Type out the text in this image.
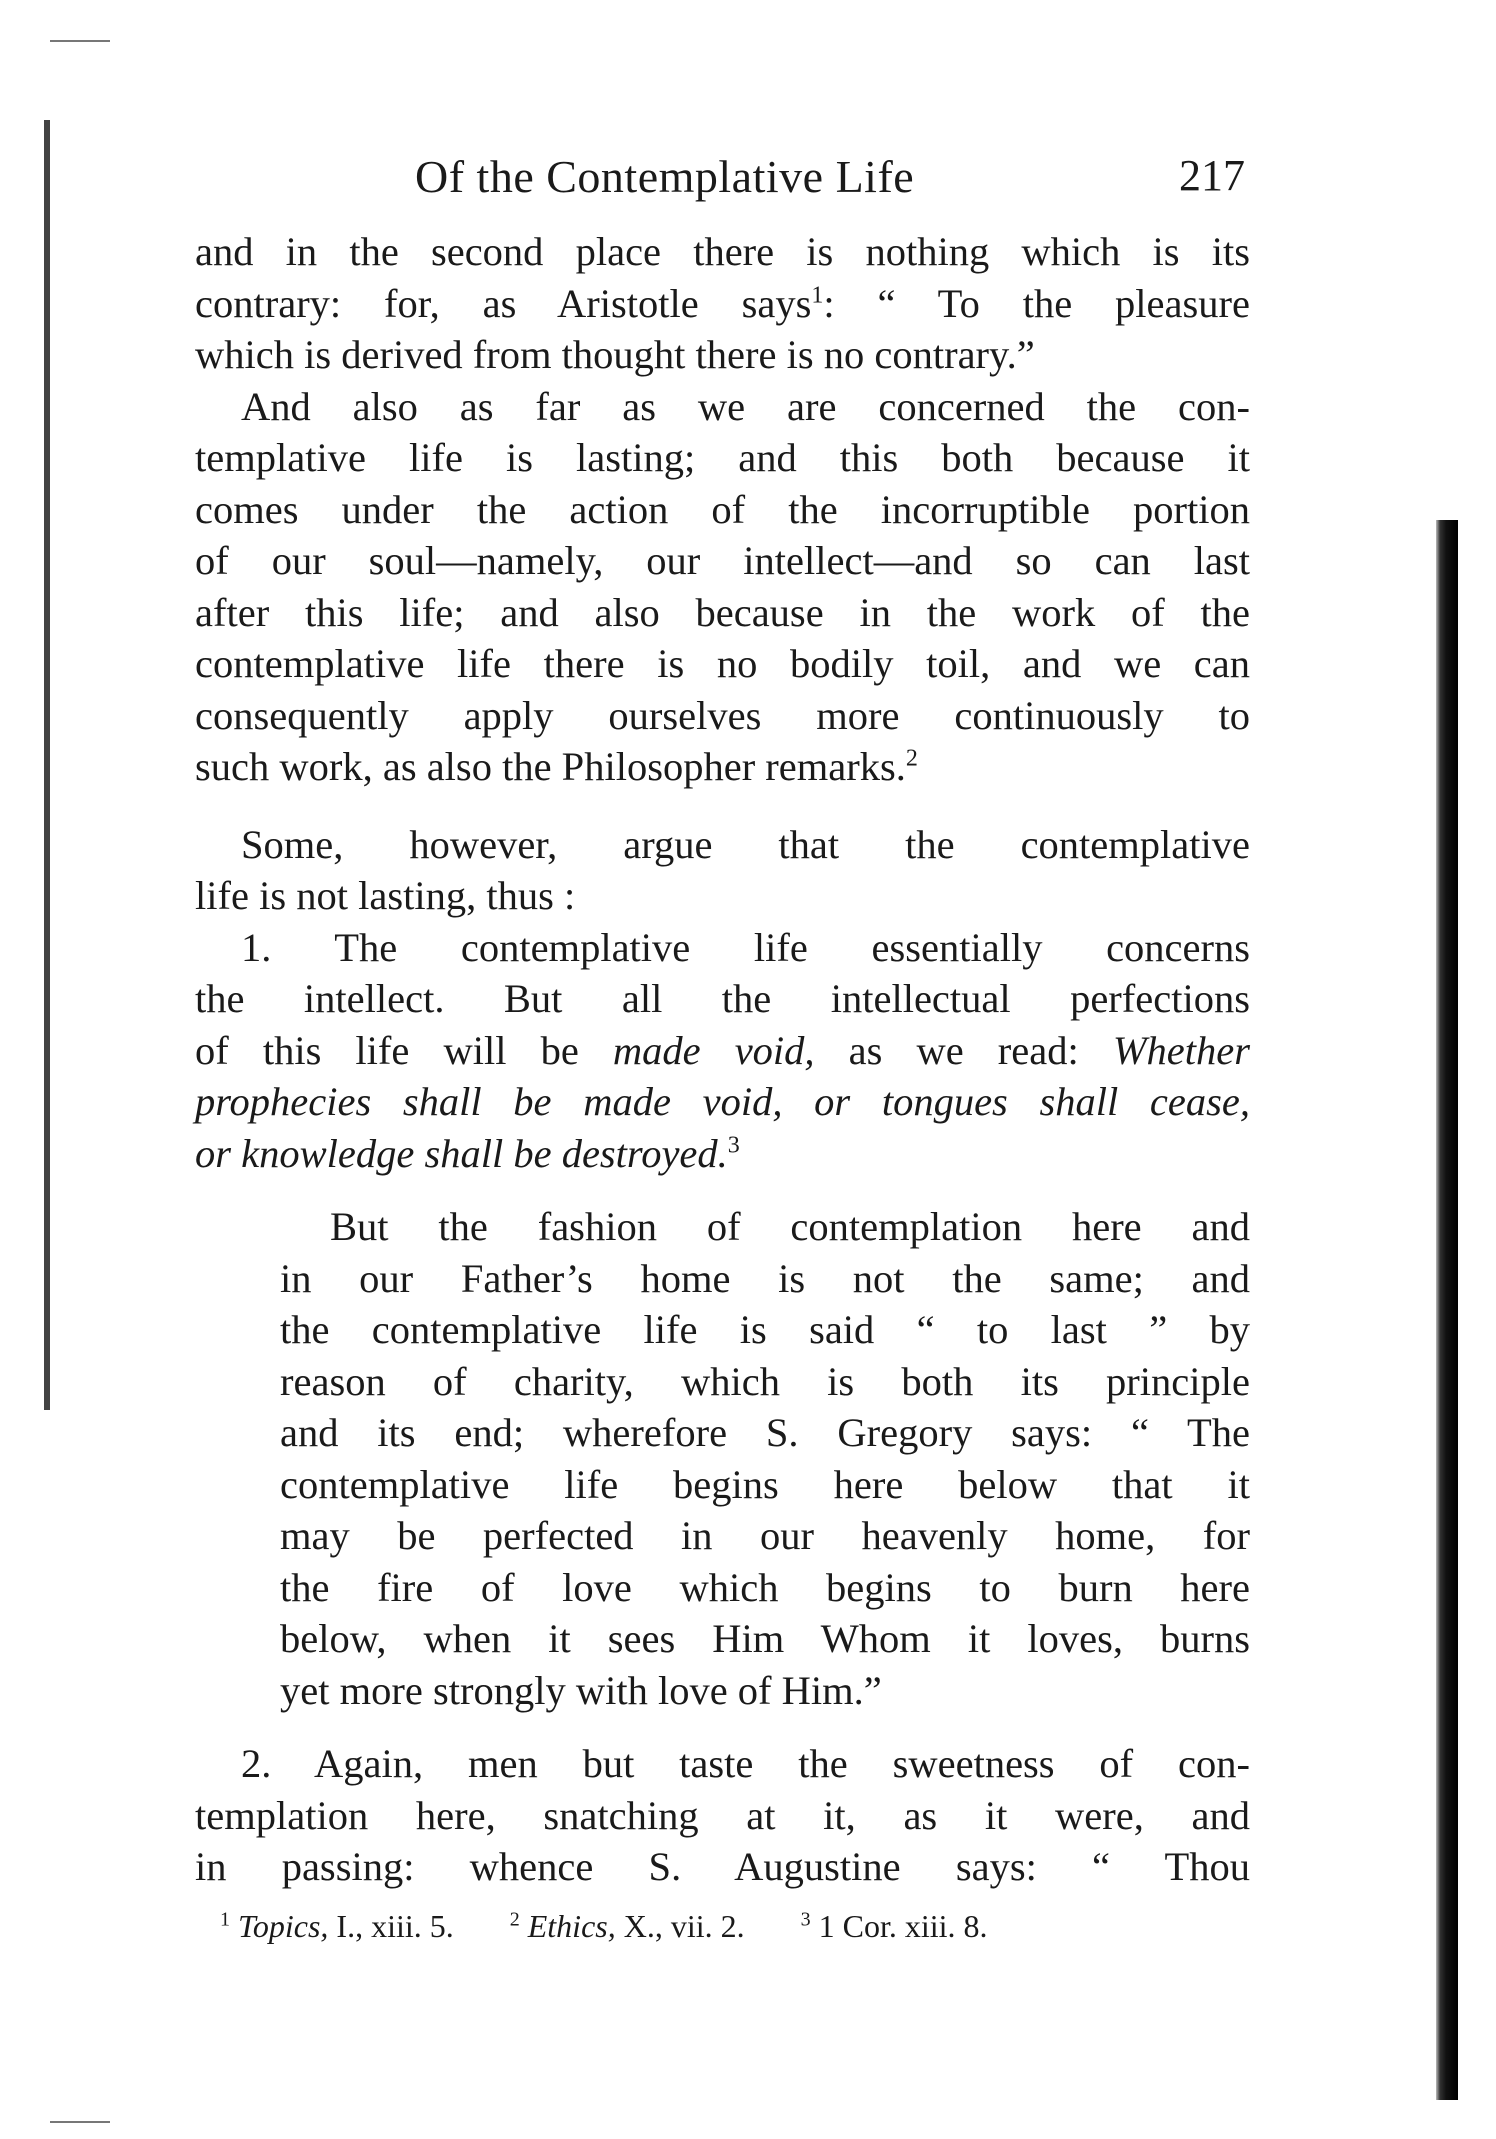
Of the Contemplative Life	217

and in the second place there is nothing which is its
contrary: for, as Aristotle says$^1$: “ To the pleasure
which is derived from thought there is no contrary.”

And also as far as we are concerned the con-
templative life is lasting; and this both because it
comes under the action of the incorruptible portion
of our soul—namely, our intellect—and so can last
after this life; and also because in the work of the
contemplative life there is no bodily toil, and we can
consequently apply ourselves more continuously to
such work, as also the Philosopher remarks.$^2$

Some, however, argue that the contemplative
life is not lasting, thus :

1. The contemplative life essentially concerns
the intellect. But all the intellectual perfections
of this life will be made void, as we read: Whether
prophecies shall be made void, or tongues shall cease,
or knowledge shall be destroyed.$^3$

But the fashion of contemplation here and
in our Father’s home is not the same; and
the contemplative life is said “ to last ” by
reason of charity, which is both its principle
and its end; wherefore S. Gregory says: “ The
contemplative life begins here below that it
may be perfected in our heavenly home, for
the fire of love which begins to burn here
below, when it sees Him Whom it loves, burns
yet more strongly with love of Him.”

2. Again, men but taste the sweetness of con-
templation here, snatching at it, as it were, and
in passing: whence S. Augustine says: “ Thou

$^1$ Topics, I., xiii. 5.	$^2$ Ethics, X., vii. 2.	$^3$ 1 Cor. xiii. 8.
